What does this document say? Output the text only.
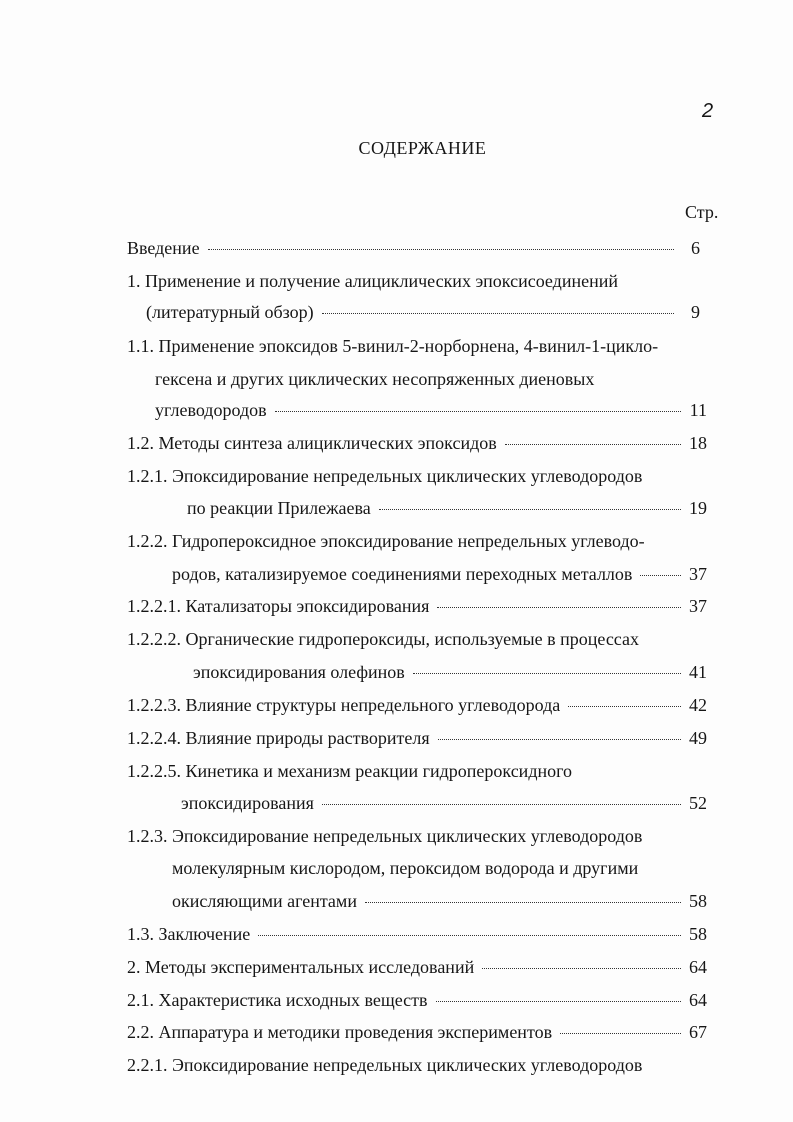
2
СОДЕРЖАНИЕ
Стр.
Введение	6
1. Применение и получение алициклических эпоксисоединений
(литературный обзор)	9
1.1. Применение эпоксидов 5-винил-2-норборнена, 4-винил-1-цикло-
гексена и других циклических несопряженных диеновых
углеводородов	11
1.2. Методы синтеза алициклических эпоксидов	18
1.2.1. Эпоксидирование непредельных циклических углеводородов
по реакции Прилежаева	19
1.2.2. Гидропероксидное эпоксидирование непредельных углеводо-
родов, катализируемое соединениями переходных металлов	37
1.2.2.1. Катализаторы эпоксидирования	37
1.2.2.2. Органические гидропероксиды, используемые в процессах
эпоксидирования олефинов	41
1.2.2.3. Влияние структуры непредельного углеводорода	42
1.2.2.4. Влияние природы растворителя	49
1.2.2.5. Кинетика и механизм реакции гидропероксидного
эпоксидирования	52
1.2.3. Эпоксидирование непредельных циклических углеводородов
молекулярным кислородом, пероксидом водорода и другими
окисляющими агентами	58
1.3. Заключение	58
2. Методы экспериментальных исследований	64
2.1. Характеристика исходных веществ	64
2.2. Аппаратура и методики проведения экспериментов	67
2.2.1. Эпоксидирование непредельных циклических углеводородов
